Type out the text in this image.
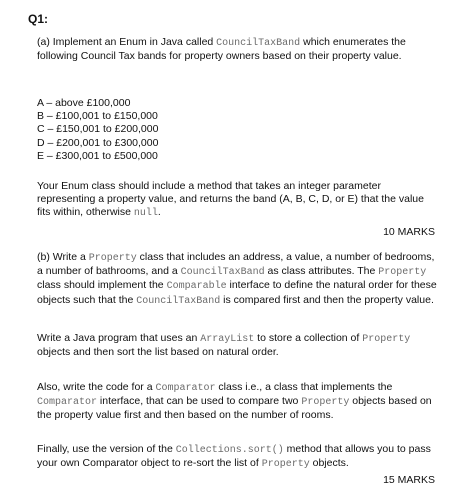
Q1:

(a) Implement an Enum in Java called CouncilTaxBand which enumerates the following Council Tax bands for property owners based on their property value.

A – above £100,000
B – £100,001 to £150,000
C – £150,001 to £200,000
D – £200,001 to £300,000
E – £300,001 to £500,000

Your Enum class should include a method that takes an integer parameter representing a property value, and returns the band (A, B, C, D, or E) that the value fits within, otherwise null.

10 MARKS

(b) Write a Property class that includes an address, a value, a number of bedrooms, a number of bathrooms, and a CouncilTaxBand as class attributes. The Property class should implement the Comparable interface to define the natural order for these objects such that the CouncilTaxBand is compared first and then the property value.

Write a Java program that uses an ArrayList to store a collection of Property objects and then sort the list based on natural order.

Also, write the code for a Comparator class i.e., a class that implements the Comparator interface, that can be used to compare two Property objects based on the property value first and then based on the number of rooms.

Finally, use the version of the Collections.sort() method that allows you to pass your own Comparator object to re-sort the list of Property objects.

15 MARKS
